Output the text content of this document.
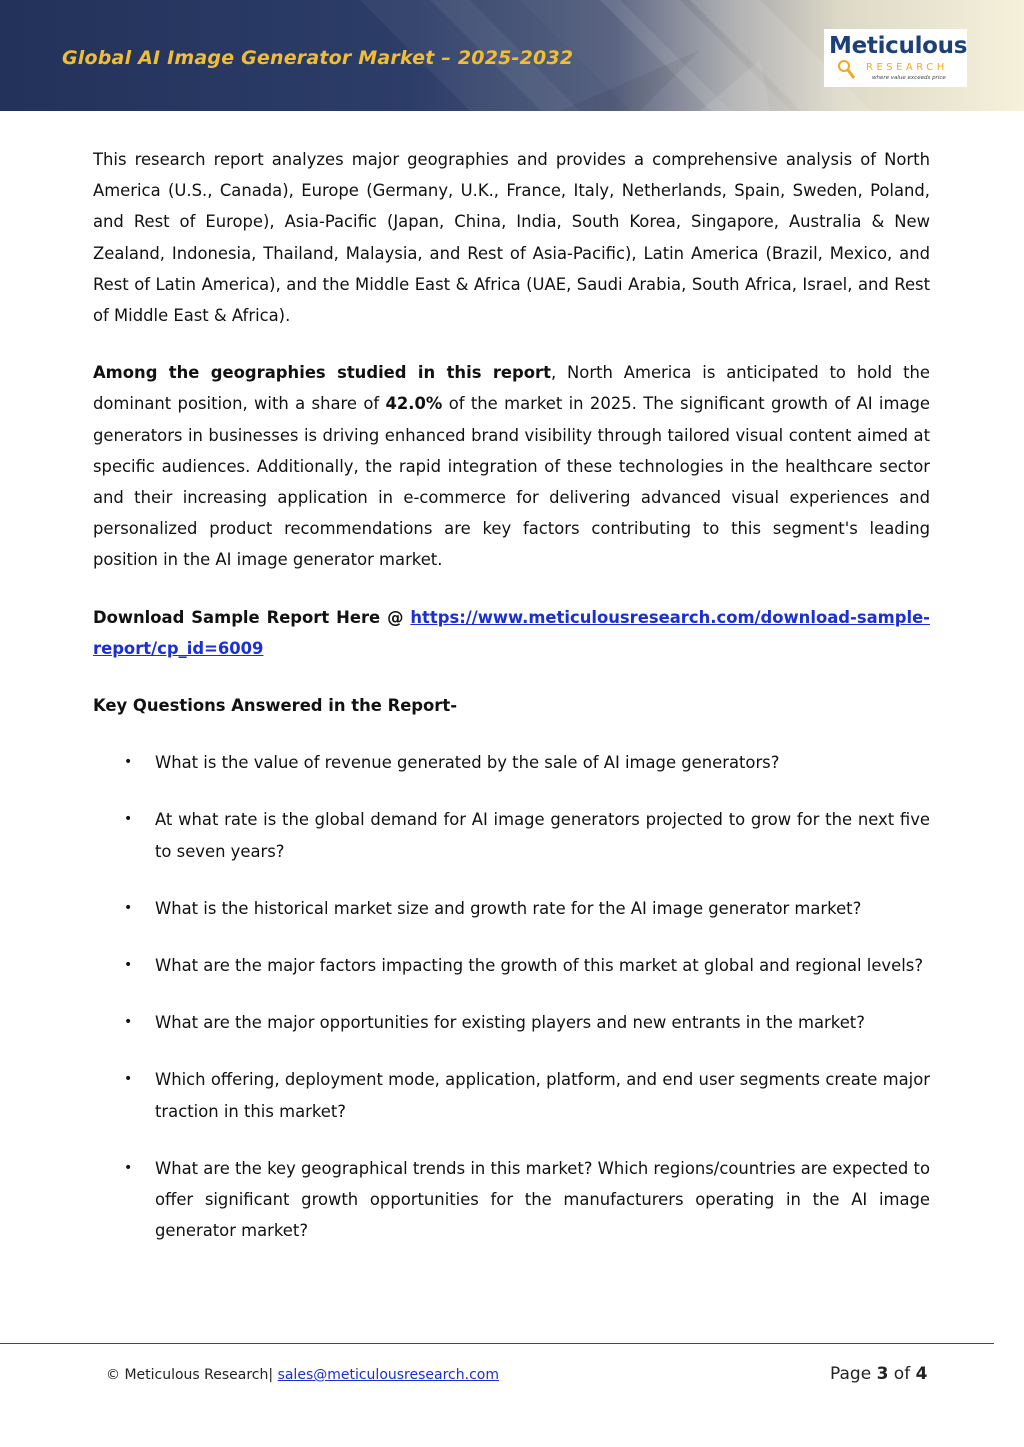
Global AI Image Generator Market – 2025-2032	Meticulous
RESEARCH
where value exceeds price

This research report analyzes major geographies and provides a comprehensive analysis of North America (U.S., Canada), Europe (Germany, U.K., France, Italy, Netherlands, Spain, Sweden, Poland, and Rest of Europe), Asia-Pacific (Japan, China, India, South Korea, Singapore, Australia & New Zealand, Indonesia, Thailand, Malaysia, and Rest of Asia-Pacific), Latin America (Brazil, Mexico, and Rest of Latin America), and the Middle East & Africa (UAE, Saudi Arabia, South Africa, Israel, and Rest of Middle East & Africa).

Among the geographies studied in this report, North America is anticipated to hold the dominant position, with a share of 42.0% of the market in 2025. The significant growth of AI image generators in businesses is driving enhanced brand visibility through tailored visual content aimed at specific audiences. Additionally, the rapid integration of these technologies in the healthcare sector and their increasing application in e-commerce for delivering advanced visual experiences and personalized product recommendations are key factors contributing to this segment's leading position in the AI image generator market.

Download Sample Report Here @ https://www.meticulousresearch.com/download-sample-report/cp_id=6009

Key Questions Answered in the Report-
• What is the value of revenue generated by the sale of AI image generators?
• At what rate is the global demand for AI image generators projected to grow for the next five to seven years?
• What is the historical market size and growth rate for the AI image generator market?
• What are the major factors impacting the growth of this market at global and regional levels?
• What are the major opportunities for existing players and new entrants in the market?
• Which offering, deployment mode, application, platform, and end user segments create major traction in this market?
• What are the key geographical trends in this market? Which regions/countries are expected to offer significant growth opportunities for the manufacturers operating in the AI image generator market?
© Meticulous Research| sales@meticulousresearch.com	Page 3 of 4
